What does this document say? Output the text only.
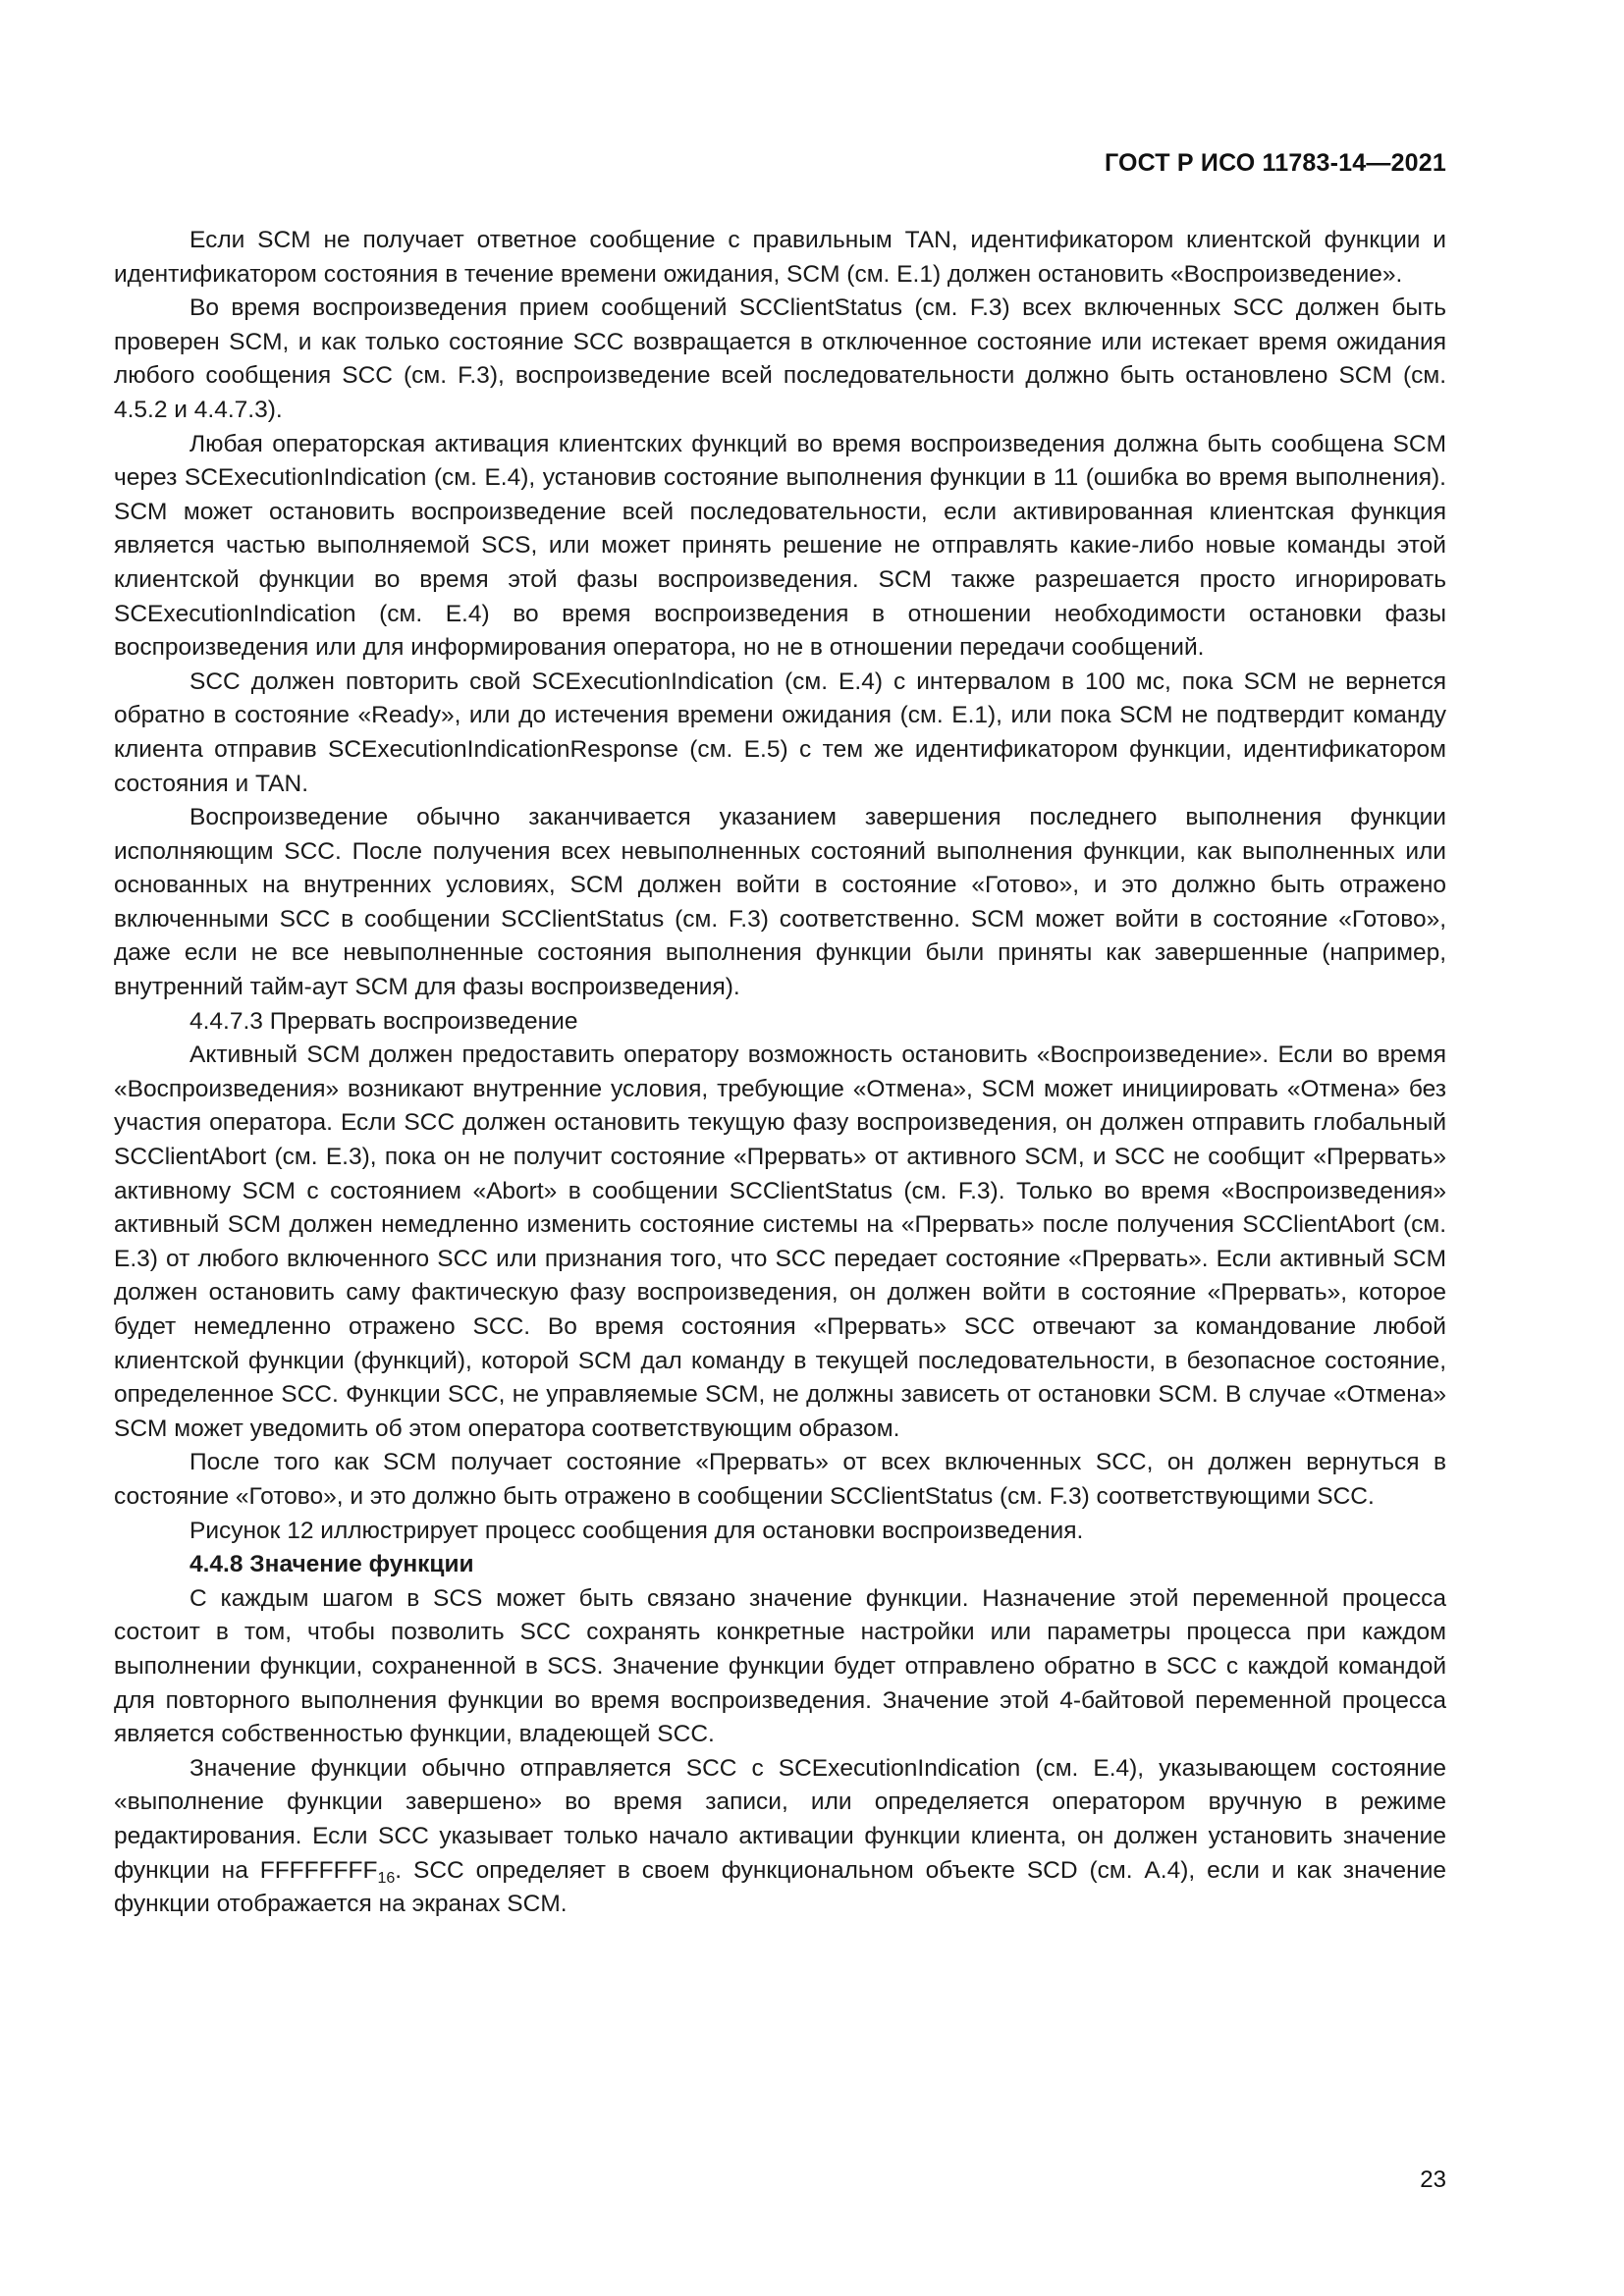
ГОСТ Р ИСО 11783-14—2021

Если SCM не получает ответное сообщение с правильным TAN, идентификатором клиентской функции и идентификатором состояния в течение времени ожидания, SCM (см. Е.1) должен остановить «Воспроизведение».

Во время воспроизведения прием сообщений SCClientStatus (см. F.3) всех включенных SCC должен быть проверен SCM, и как только состояние SCC возвращается в отключенное состояние или истекает время ожидания любого сообщения SCC (см. F.3), воспроизведение всей последовательности должно быть остановлено SCM (см. 4.5.2 и 4.4.7.3).

Любая операторская активация клиентских функций во время воспроизведения должна быть сообщена SCM через SCExecutionIndication (см. E.4), установив состояние выполнения функции в 11 (ошибка во время выполнения). SCM может остановить воспроизведение всей последовательности, если активированная клиентская функция является частью выполняемой SCS, или может принять решение не отправлять какие-либо новые команды этой клиентской функции во время этой фазы воспроизведения. SCM также разрешается просто игнорировать SCExecutionIndication (см. Е.4) во время воспроизведения в отношении необходимости остановки фазы воспроизведения или для информирования оператора, но не в отношении передачи сообщений.

SCC должен повторить свой SCExecutionIndication (см. Е.4) с интервалом в 100 мс, пока SCM не вернется обратно в состояние «Ready», или до истечения времени ожидания (см. Е.1), или пока SCM не подтвердит команду клиента отправив SCExecutionIndicationResponse (см. Е.5) с тем же идентификатором функции, идентификатором состояния и TAN.

Воспроизведение обычно заканчивается указанием завершения последнего выполнения функции исполняющим SCC. После получения всех невыполненных состояний выполнения функции, как выполненных или основанных на внутренних условиях, SCM должен войти в состояние «Готово», и это должно быть отражено включенными SCC в сообщении SCClientStatus (см. F.3) соответственно. SCM может войти в состояние «Готово», даже если не все невыполненные состояния выполнения функции были приняты как завершенные (например, внутренний тайм-аут SCM для фазы воспроизведения).

4.4.7.3 Прервать воспроизведение

Активный SCM должен предоставить оператору возможность остановить «Воспроизведение». Если во время «Воспроизведения» возникают внутренние условия, требующие «Отмена», SCM может инициировать «Отмена» без участия оператора. Если SCC должен остановить текущую фазу воспроизведения, он должен отправить глобальный SCClientAbort (см. Е.3), пока он не получит состояние «Прервать» от активного SCM, и SCC не сообщит «Прервать» активному SCM с состоянием «Abort» в сообщении SCClientStatus (см. F.3). Только во время «Воспроизведения» активный SCM должен немедленно изменить состояние системы на «Прервать» после получения SCClientAbort (см. Е.3) от любого включенного SCC или признания того, что SCC передает состояние «Прервать». Если активный SCM должен остановить саму фактическую фазу воспроизведения, он должен войти в состояние «Прервать», которое будет немедленно отражено SCC. Во время состояния «Прервать» SCC отвечают за командование любой клиентской функции (функций), которой SCM дал команду в текущей последовательности, в безопасное состояние, определенное SCC. Функции SCC, не управляемые SCM, не должны зависеть от остановки SCM. В случае «Отмена» SCM может уведомить об этом оператора соответствующим образом.

После того как SCM получает состояние «Прервать» от всех включенных SCC, он должен вернуться в состояние «Готово», и это должно быть отражено в сообщении SCClientStatus (см. F.3) соответствующими SCC.

Рисунок 12 иллюстрирует процесс сообщения для остановки воспроизведения.

4.4.8 Значение функции

С каждым шагом в SCS может быть связано значение функции. Назначение этой переменной процесса состоит в том, чтобы позволить SCC сохранять конкретные настройки или параметры процесса при каждом выполнении функции, сохраненной в SCS. Значение функции будет отправлено обратно в SCC с каждой командой для повторного выполнения функции во время воспроизведения. Значение этой 4-байтовой переменной процесса является собственностью функции, владеющей SCC.

Значение функции обычно отправляется SCC с SCExecutionIndication (см. Е.4), указывающем состояние «выполнение функции завершено» во время записи, или определяется оператором вручную в режиме редактирования. Если SCC указывает только начало активации функции клиента, он должен установить значение функции на $FFFFFFFF_{16}$. SCC определяет в своем функциональном объекте SCD (см. А.4), если и как значение функции отображается на экранах SCM.

23
